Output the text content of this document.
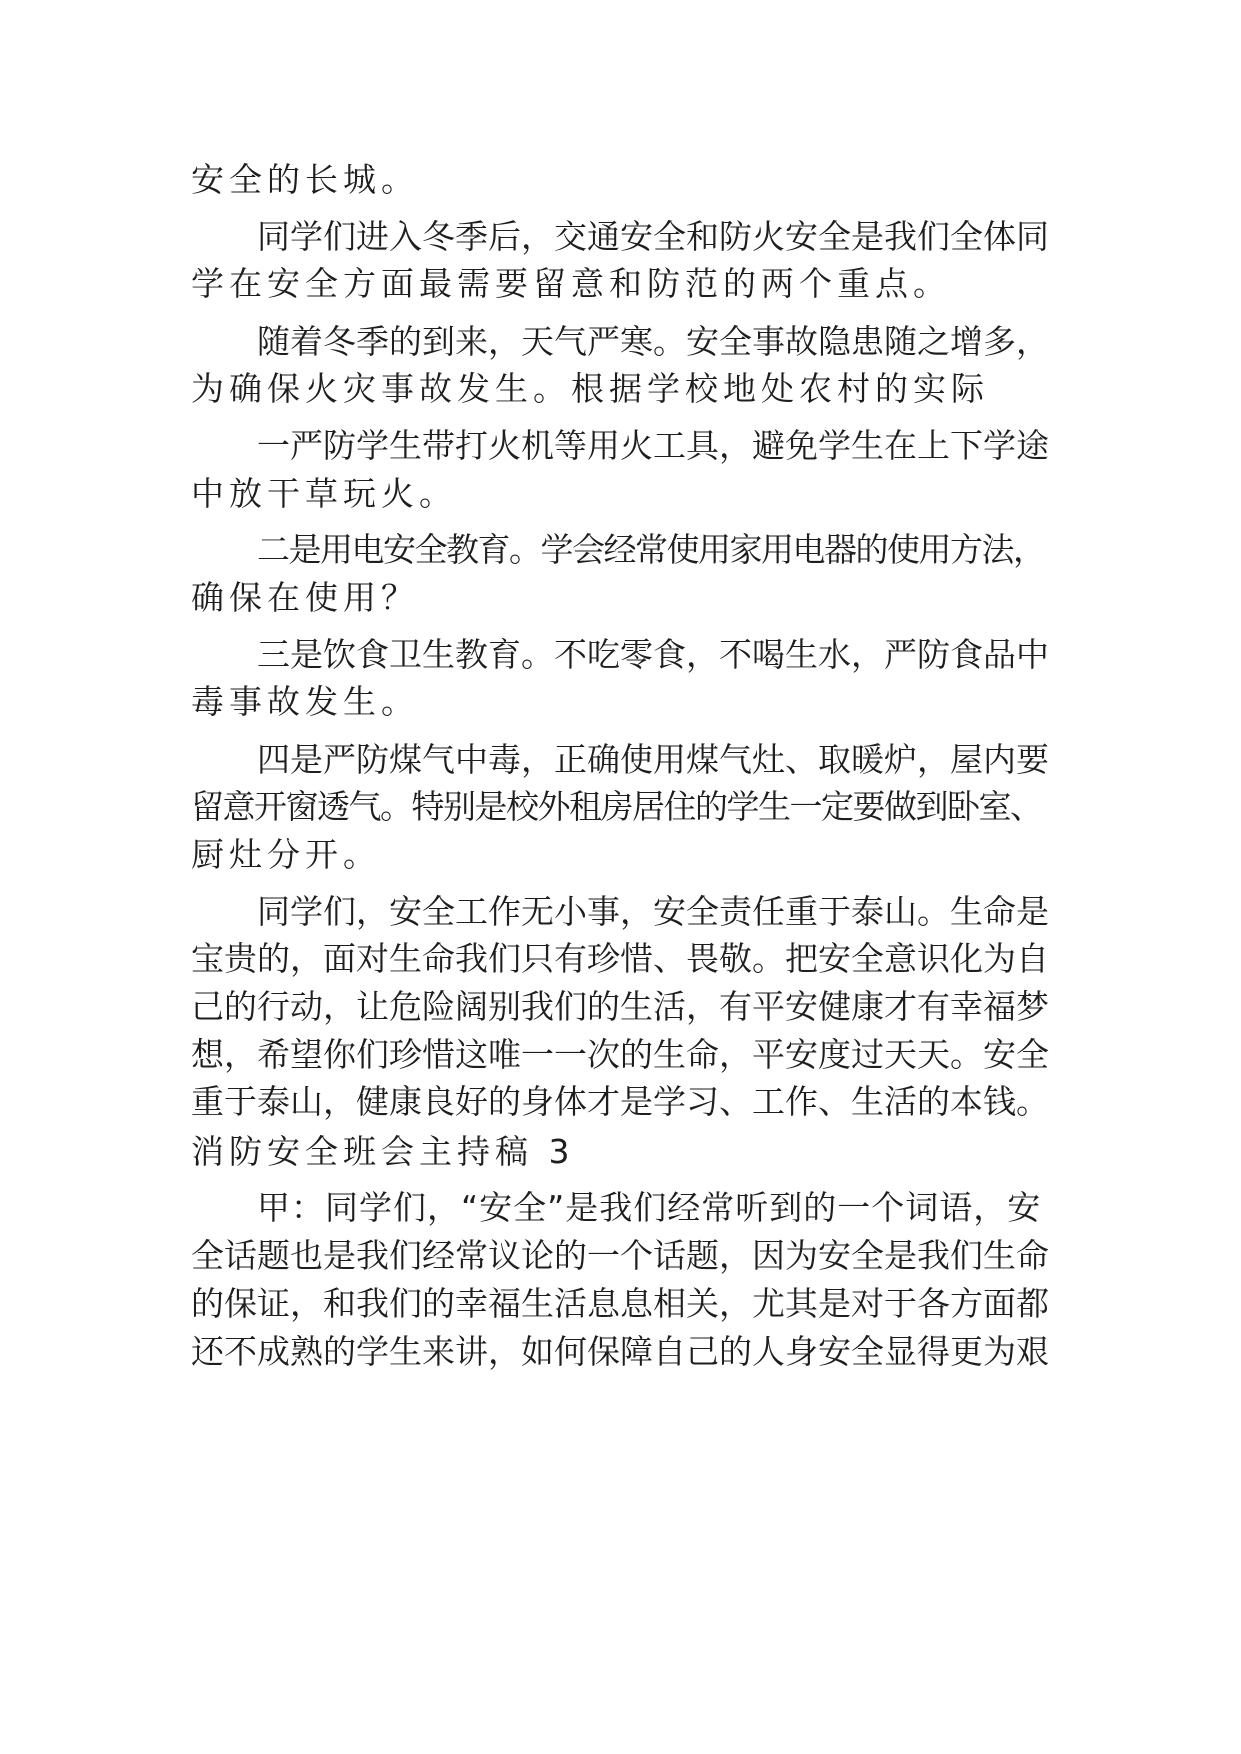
安全的长城。
同学们进入冬季后，交通安全和防火安全是我们全体同
学在安全方面最需要留意和防范的两个重点。
随着冬季的到来，天气严寒。安全事故隐患随之增多，
为确保火灾事故发生。根据学校地处农村的实际
一严防学生带打火机等用火工具，避免学生在上下学途
中放干草玩火。
二是用电安全教育。学会经常使用家用电器的使用方法，
确保在使用？
三是饮食卫生教育。不吃零食，不喝生水，严防食品中
毒事故发生。
四是严防煤气中毒，正确使用煤气灶、取暖炉，屋内要
留意开窗透气。特别是校外租房居住的学生一定要做到卧室、
厨灶分开。
同学们，安全工作无小事，安全责任重于泰山。生命是
宝贵的，面对生命我们只有珍惜、畏敬。把安全意识化为自
己的行动，让危险阔别我们的生活，有平安健康才有幸福梦
想，希望你们珍惜这唯一一次的生命，平安度过天天。安全
重于泰山，健康良好的身体才是学习、工作、生活的本钱。
消防安全班会主持稿 3
甲：同学们，“安全”是我们经常听到的一个词语，安
全话题也是我们经常议论的一个话题，因为安全是我们生命
的保证，和我们的幸福生活息息相关，尤其是对于各方面都
还不成熟的学生来讲，如何保障自己的人身安全显得更为艰
